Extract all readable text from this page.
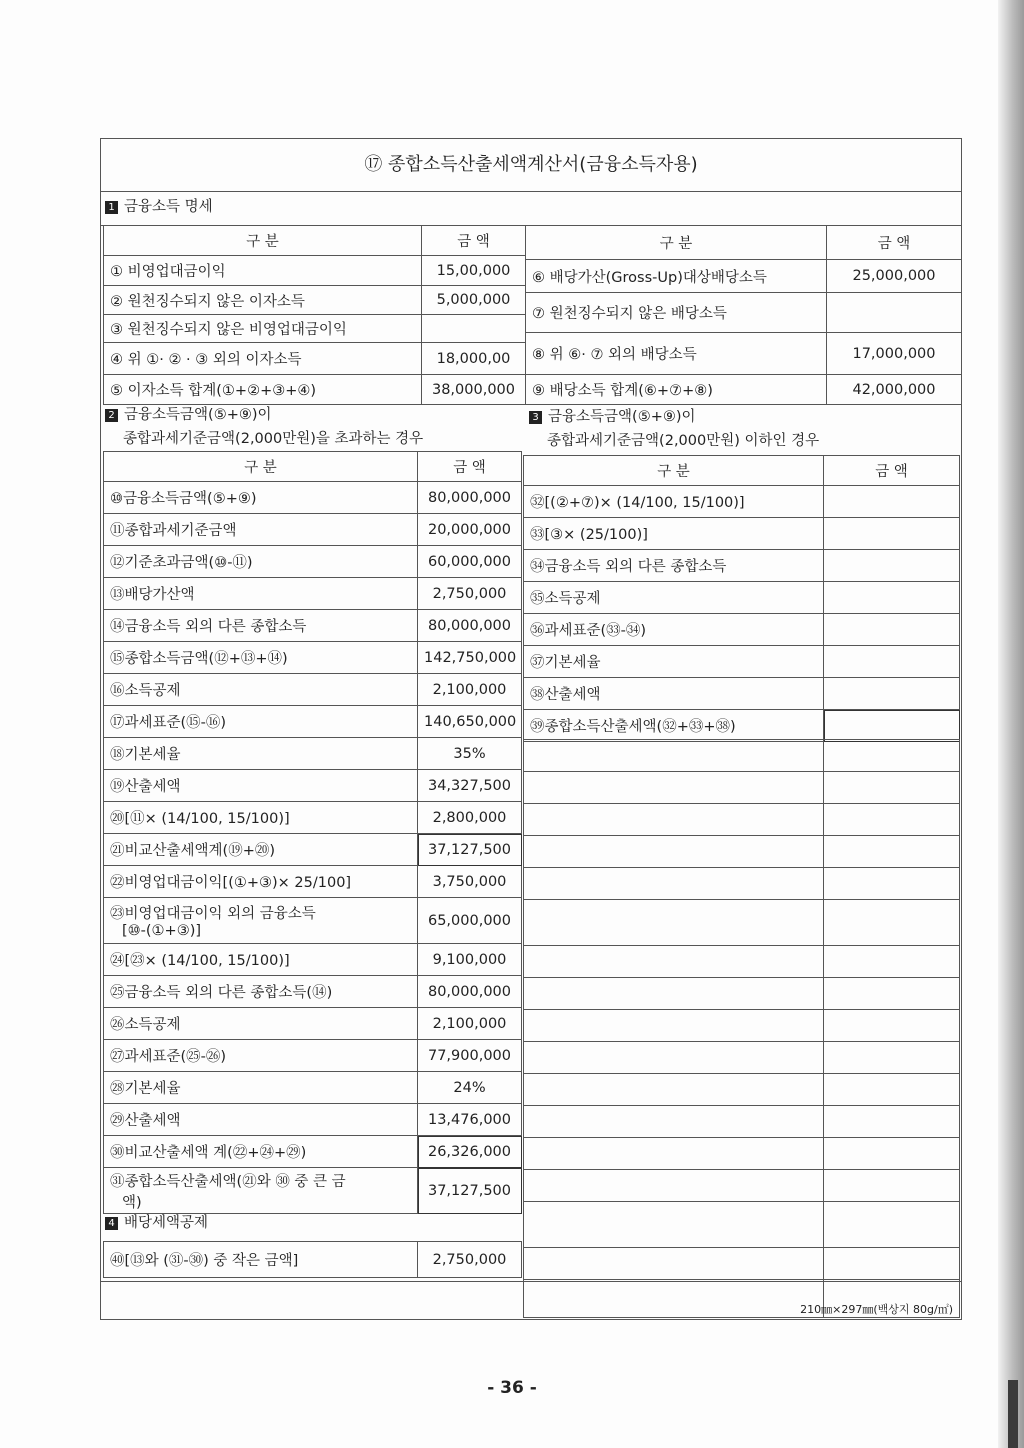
⑰ 종합소득산출세액계산서(금융소득자용)
1 금융소득 명세
구 분	금 액

① 비영업대금이익	15,00,000

② 원천징수되지 않은 이자소득	5,000,000

③ 원천징수되지 않은 비영업대금이익	

④ 위 ①· ② · ③ 외의 이자소득	18,000,00

⑤ 이자소득 합계(①+②+③+④)	38,000,000
구 분	금 액

⑥ 배당가산(Gross-Up)대상배당소득	25,000,000

⑦ 원천징수되지 않은 배당소득	

⑧ 위 ⑥· ⑦ 외의 배당소득	17,000,000

⑨ 배당소득 합계(⑥+⑦+⑧)	42,000,000
2 금융소득금액(⑤+⑨)이
종합과세기준금액(2,000만원)을 초과하는 경우
3 금융소득금액(⑤+⑨)이
종합과세기준금액(2,000만원) 이하인 경우
구 분	금 액

⑩금융소득금액(⑤+⑨)	80,000,000

⑪종합과세기준금액	20,000,000

⑫기준초과금액(⑩-⑪)	60,000,000

⑬배당가산액	2,750,000

⑭금융소득 외의 다른 종합소득	80,000,000

⑮종합소득금액(⑫+⑬+⑭)	142,750,000

⑯소득공제	2,100,000

⑰과세표준(⑮-⑯)	140,650,000

⑱기본세율	35%

⑲산출세액	34,327,500

⑳[⑪× (14/100, 15/100)]	2,800,000

㉑비교산출세액계(⑲+⑳)	37,127,500

㉒비영업대금이익[(①+③)× 25/100]	3,750,000

㉓비영업대금이익 외의 금융소득
[⑩-(①+③)]	65,000,000

㉔[㉓× (14/100, 15/100)]	9,100,000

㉕금융소득 외의 다른 종합소득(⑭)	80,000,000

㉖소득공제	2,100,000

㉗과세표준(㉕-㉖)	77,900,000

㉘기본세율	24%

㉙산출세액	13,476,000

㉚비교산출세액 계(㉒+㉔+㉙)	26,326,000

㉛종합소득산출세액(㉑와 ㉚ 중 큰 금
액)	37,127,500
구 분	금 액

㉜[(②+⑦)× (14/100, 15/100)]	

㉝[③× (25/100)]	

㉞금융소득 외의 다른 종합소득	

㉟소득공제	

㊱과세표준(㉝-㉞)	

㊲기본세율	

㊳산출세액	

㊴종합소득산출세액(㉜+㉝+㊳)	

4 배당세액공제
㊵[⑬와 (㉛-㉚) 중 작은 금액]	2,750,000
210㎜×297㎜(백상지 80g/㎡)
- 36 -
